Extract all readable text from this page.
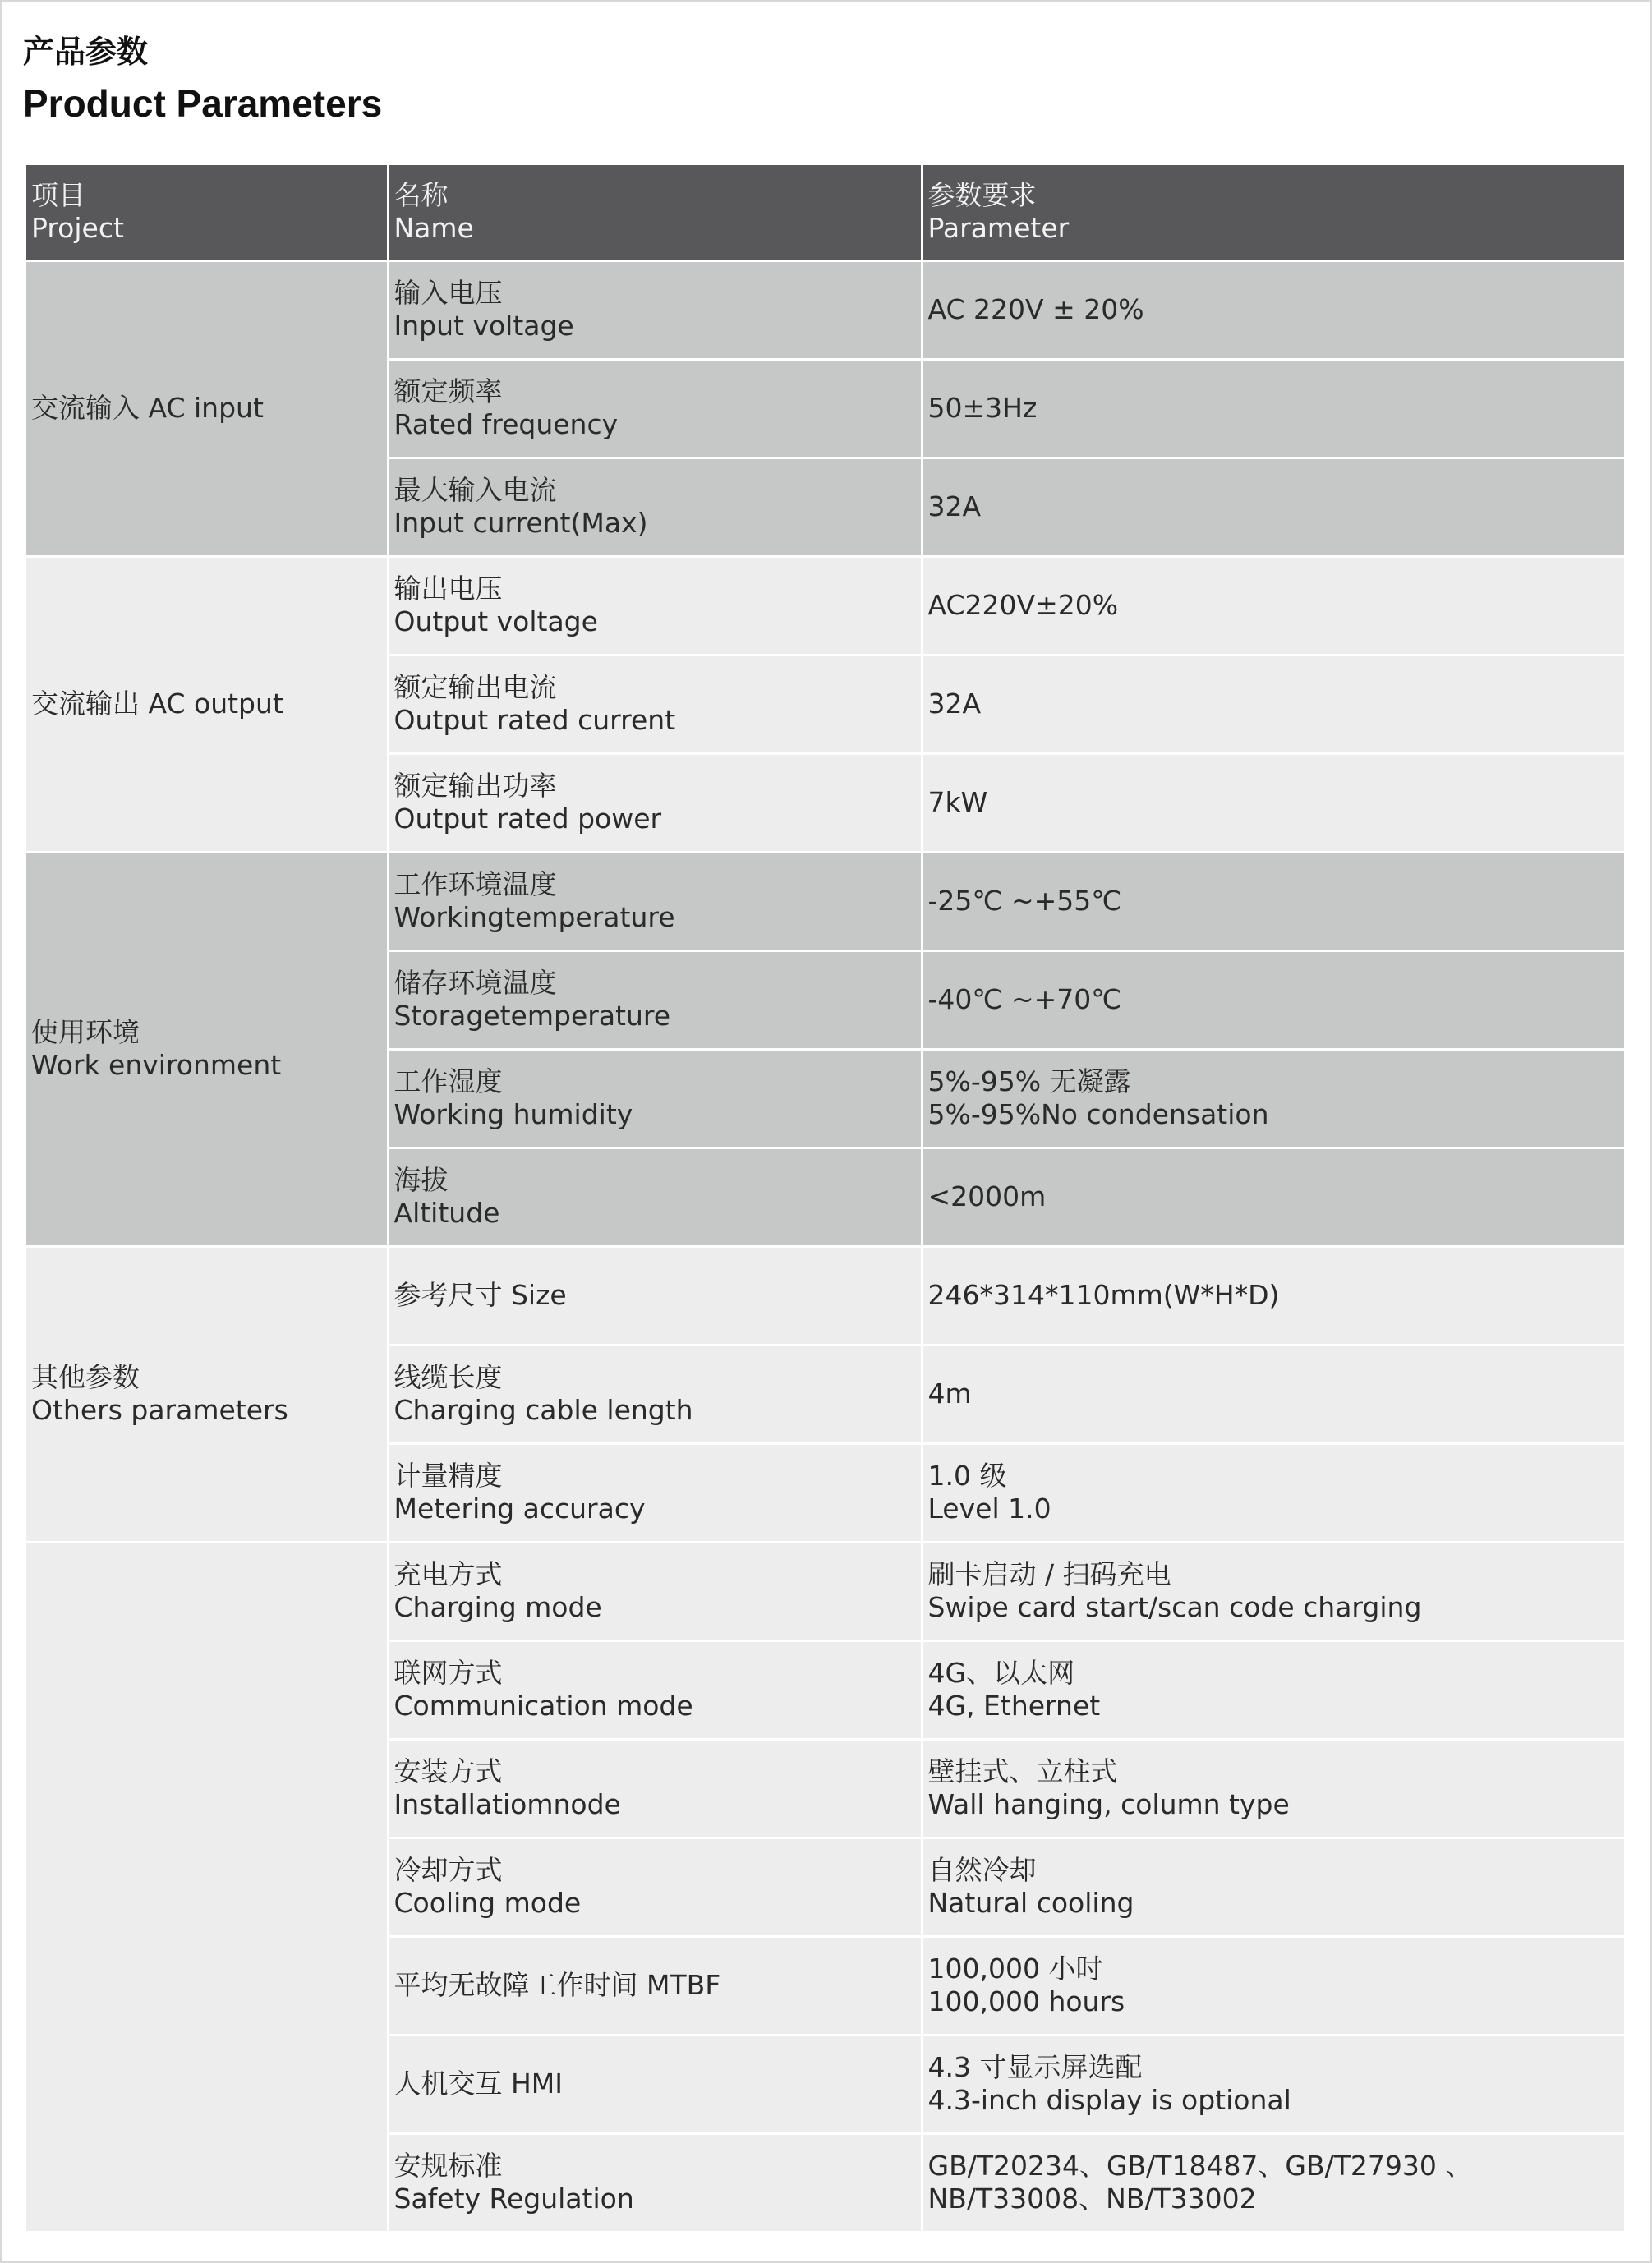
产品参数
Product Parameters
项目
Project	名称
Name	参数要求
Parameter

交流输入 AC input	输入电压
Input voltage	AC 220V ± 20%

	额定频率
Rated frequency	50±3Hz

	最大输入电流
Input current(Max)	32A

交流输出 AC output	输出电压
Output voltage	AC220V±20%

	额定输出电流
Output rated current	32A

	额定输出功率
Output rated power	7kW

使用环境
Work environment	工作环境温度
Workingtemperature	-25℃ ~+55℃

	储存环境温度
Storagetemperature	-40℃ ~+70℃

	工作湿度
Working humidity	5%-95% 无凝露
5%-95%No condensation

	海拔
Altitude	<2000m

其他参数
Others parameters	参考尺寸 Size	246*314*110mm(W*H*D)

	线缆长度
Charging cable length	4m

	计量精度
Metering accuracy	1.0 级
Level 1.0

	充电方式
Charging mode	刷卡启动 / 扫码充电
Swipe card start/scan code charging

	联网方式
Communication mode	4G、以太网
4G, Ethernet

	安装方式
Installatiomnode	壁挂式、立柱式
Wall hanging, column type

	冷却方式
Cooling mode	自然冷却
Natural cooling

	平均无故障工作时间 MTBF	100,000 小时
100,000 hours

	人机交互 HMI	4.3 寸显示屏选配
4.3-inch display is optional

	安规标准
Safety Regulation	GB/T20234、GB/T18487、GB/T27930 、
NB/T33008、NB/T33002
